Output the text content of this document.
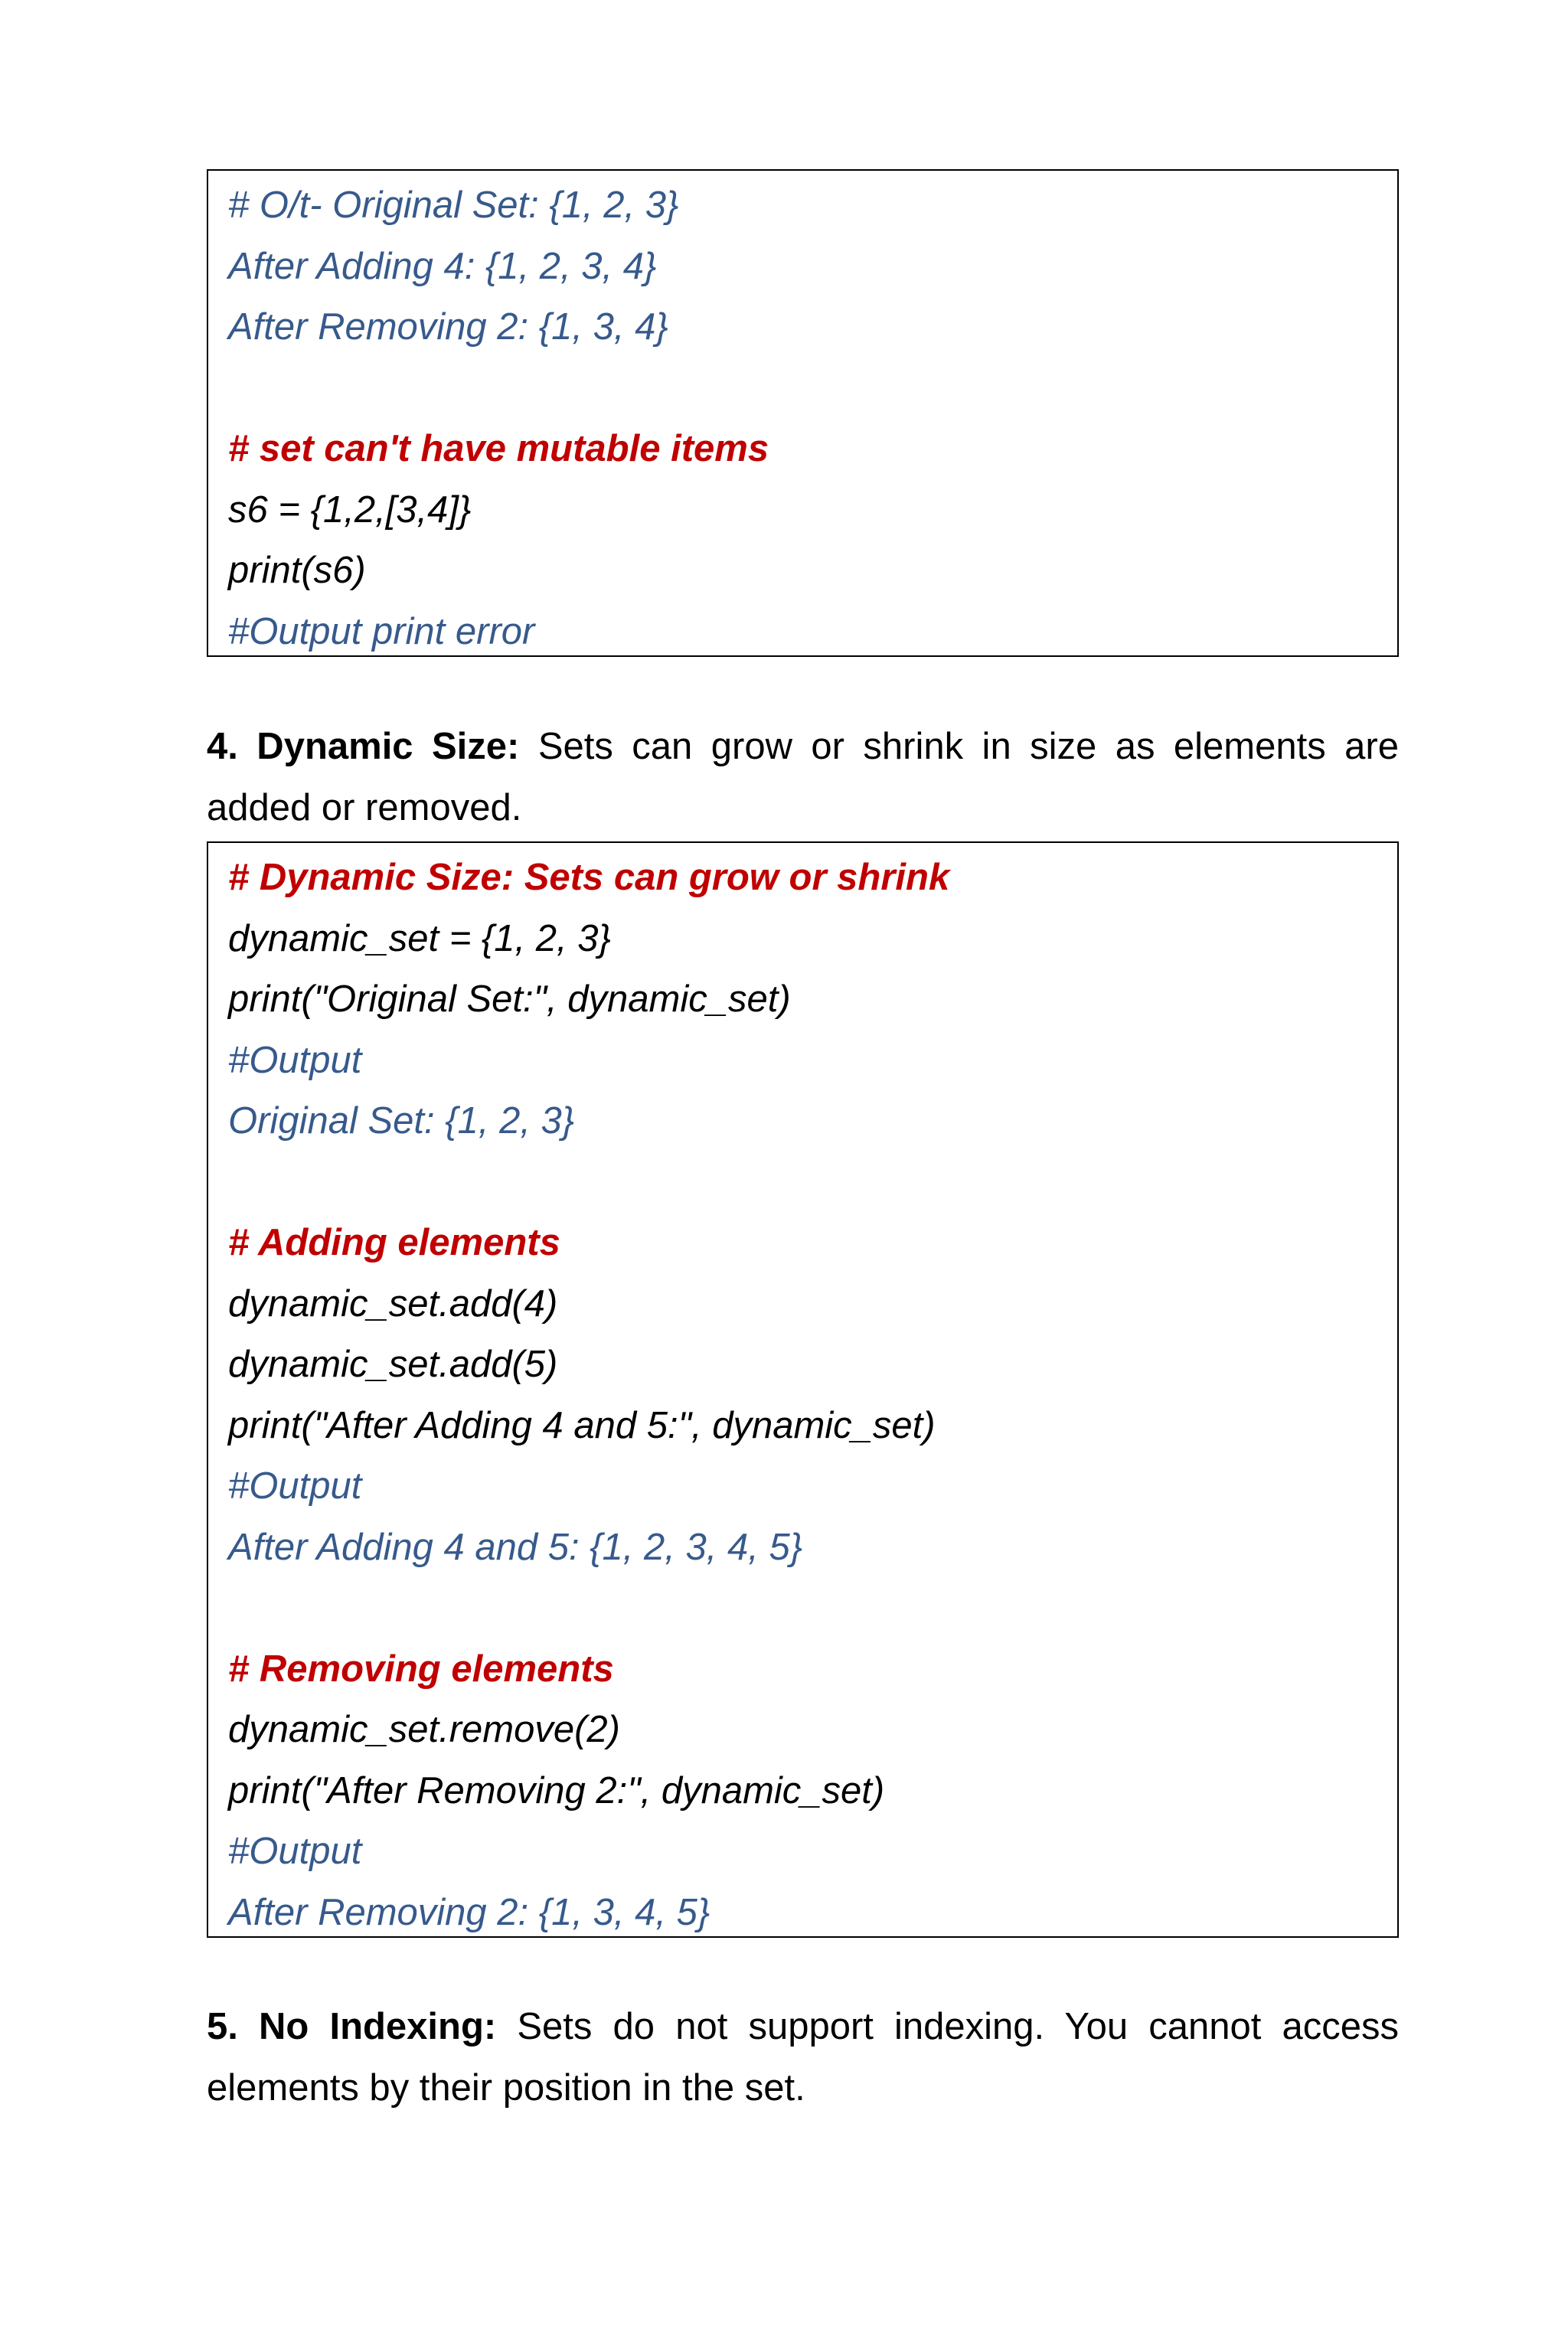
# O/t- Original Set: {1, 2, 3}
After Adding 4: {1, 2, 3, 4}
After Removing 2: {1, 3, 4}
# set can't have mutable items
s6 = {1,2,[3,4]}
print(s6)
#Output print error
4. Dynamic Size: Sets can grow or shrink in size as elements are added or removed.
# Dynamic Size: Sets can grow or shrink
dynamic_set = {1, 2, 3}
print("Original Set:", dynamic_set)
#Output
Original Set: {1, 2, 3}
# Adding elements
dynamic_set.add(4)
dynamic_set.add(5)
print("After Adding 4 and 5:", dynamic_set)
#Output
After Adding 4 and 5: {1, 2, 3, 4, 5}
# Removing elements
dynamic_set.remove(2)
print("After Removing 2:", dynamic_set)
#Output
After Removing 2: {1, 3, 4, 5}
5. No Indexing: Sets do not support indexing. You cannot access elements by their position in the set.
